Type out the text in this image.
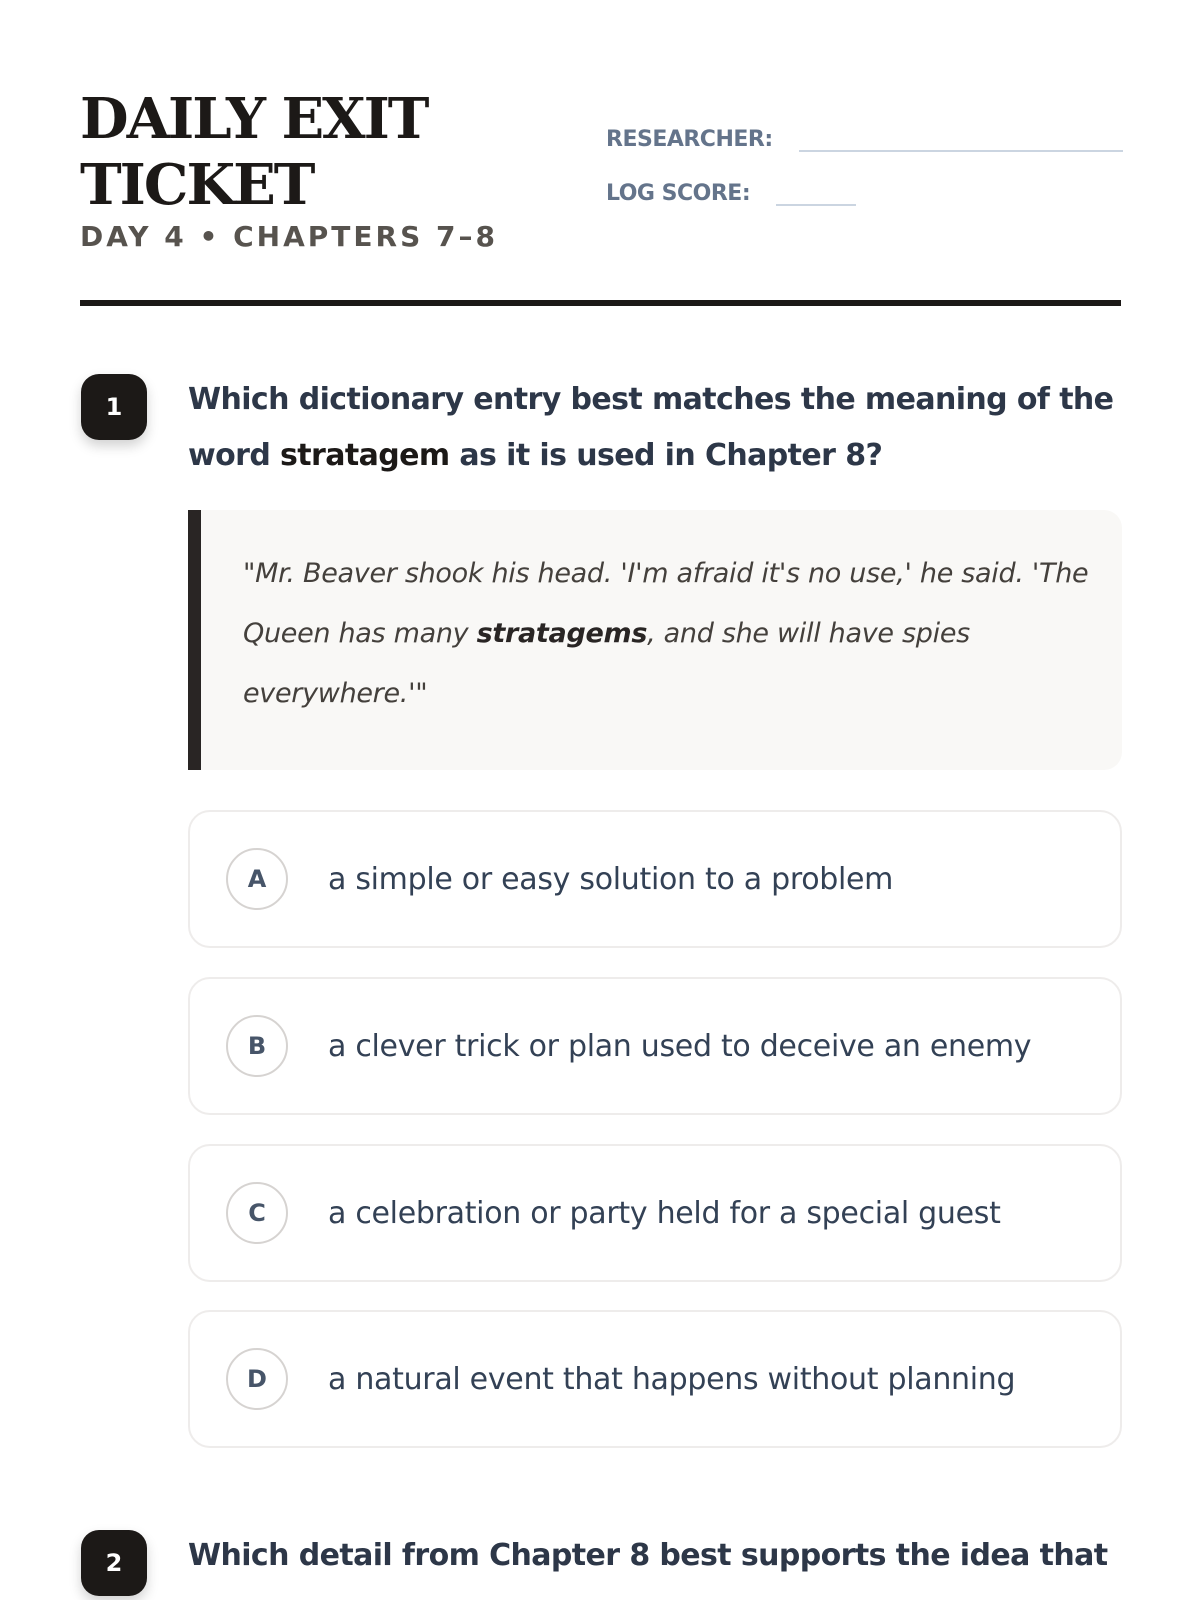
DAILY EXIT TICKET
DAY 4 • CHAPTERS 7–8
RESEARCHER:
LOG SCORE:
1	Which dictionary entry best matches the meaning of the word stratagem as it is used in Chapter 8?

"Mr. Beaver shook his head. 'I'm afraid it's no use,' he said. 'The Queen has many stratagems, and she will have spies everywhere.'"

A	a simple or easy solution to a problem
B	a clever trick or plan used to deceive an enemy
C	a celebration or party held for a special guest
D	a natural event that happens without planning
2	Which detail from Chapter 8 best supports the idea that
